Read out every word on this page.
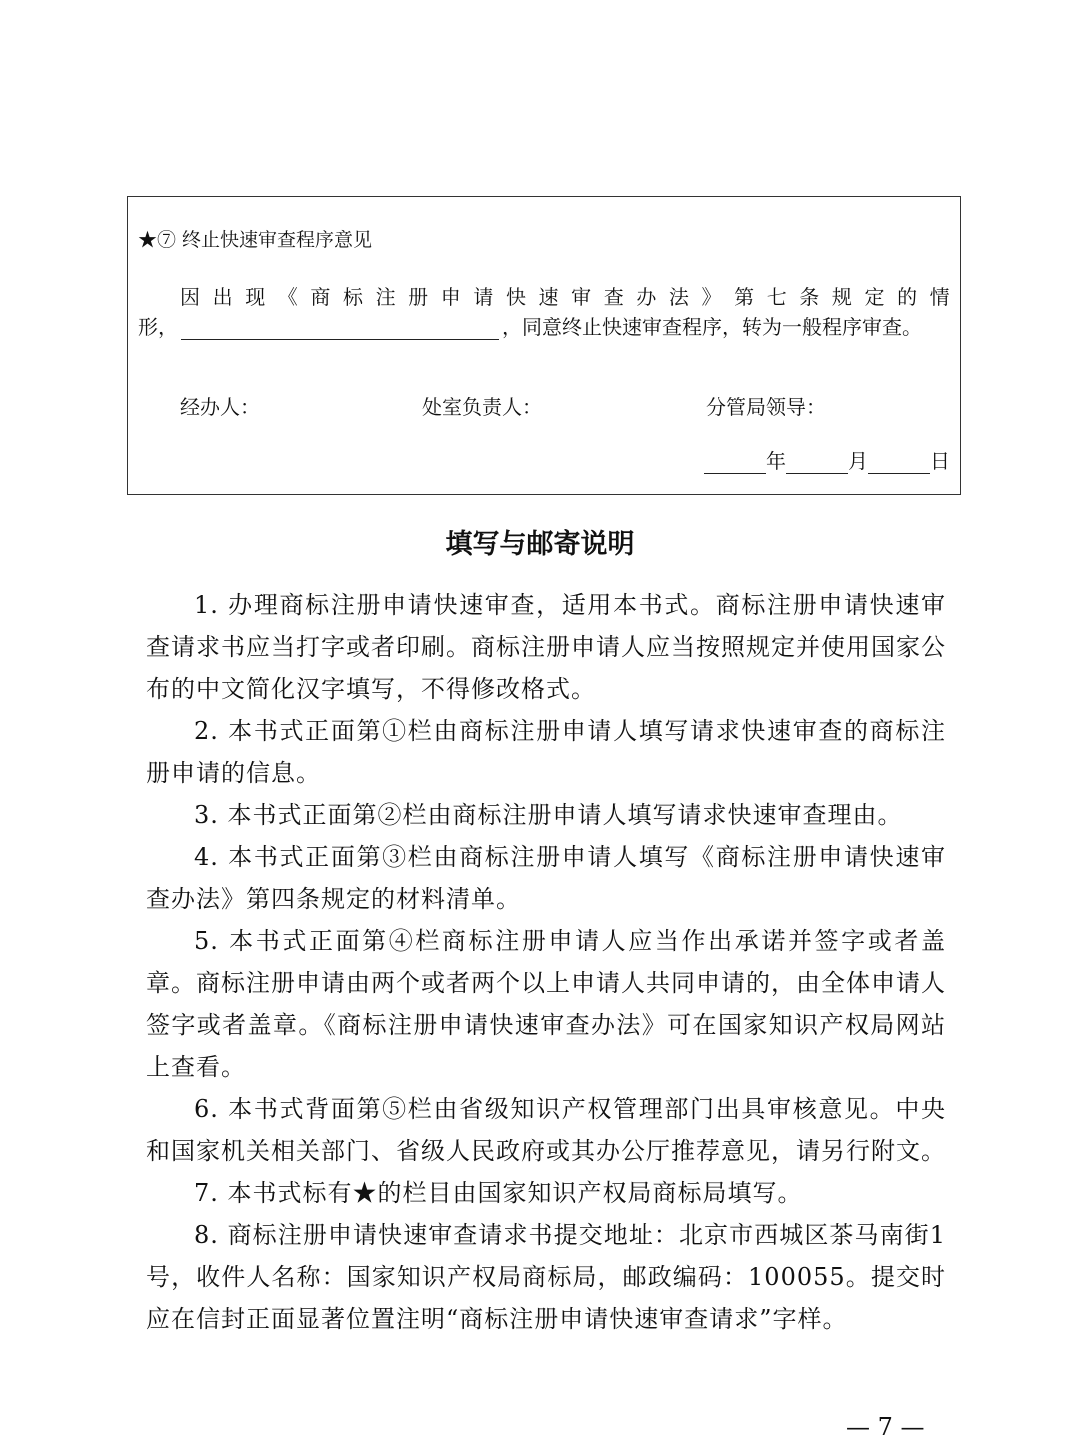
★⑦ 终止快速审查程序意见
因 出 现 《 商 标 注 册 申 请 快 速 审 查 办 法 》 第 七 条 规 定 的 情
形，	，同意终止快速审查程序，转为一般程序审查。
经办人：	处室负责人：	分管局领导：
年	月	日
填写与邮寄说明

1. 办理商标注册申请快速审查，适用本书式。商标注册申请快速审查请求书应当打字或者印刷。商标注册申请人应当按照规定并使用国家公布的中文简化汉字填写，不得修改格式。

2. 本书式正面第①栏由商标注册申请人填写请求快速审查的商标注册申请的信息。

3. 本书式正面第②栏由商标注册申请人填写请求快速审查理由。

4. 本书式正面第③栏由商标注册申请人填写《商标注册申请快速审查办法》第四条规定的材料清单。

5. 本书式正面第④栏商标注册申请人应当作出承诺并签字或者盖章。商标注册申请由两个或者两个以上申请人共同申请的，由全体申请人签字或者盖章。《商标注册申请快速审查办法》可在国家知识产权局网站上查看。

6. 本书式背面第⑤栏由省级知识产权管理部门出具审核意见。中央和国家机关相关部门、省级人民政府或其办公厅推荐意见，请另行附文。

7. 本书式标有★的栏目由国家知识产权局商标局填写。

8. 商标注册申请快速审查请求书提交地址：北京市西城区茶马南街1号，收件人名称：国家知识产权局商标局，邮政编码：100055。提交时应在信封正面显著位置注明“商标注册申请快速审查请求”字样。

— 7 —
